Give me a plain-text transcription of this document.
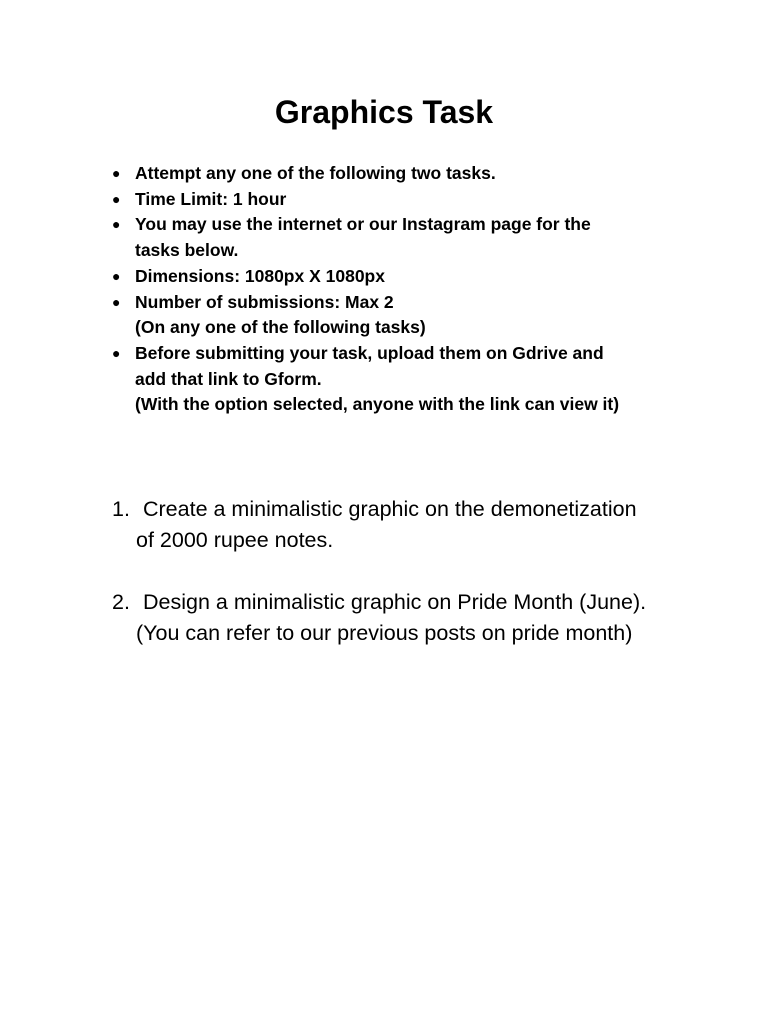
Graphics Task
● Attempt any one of the following two tasks.
● Time Limit: 1 hour
● You may use the internet or our Instagram page for the
tasks below.
● Dimensions: 1080px X 1080px
● Number of submissions: Max 2
(On any one of the following tasks)
● Before submitting your task, upload them on Gdrive and
add that link to Gform.
(With the option selected, anyone with the link can view it)
1. Create a minimalistic graphic on the demonetization
of 2000 rupee notes.
2. Design a minimalistic graphic on Pride Month (June).
(You can refer to our previous posts on pride month)
